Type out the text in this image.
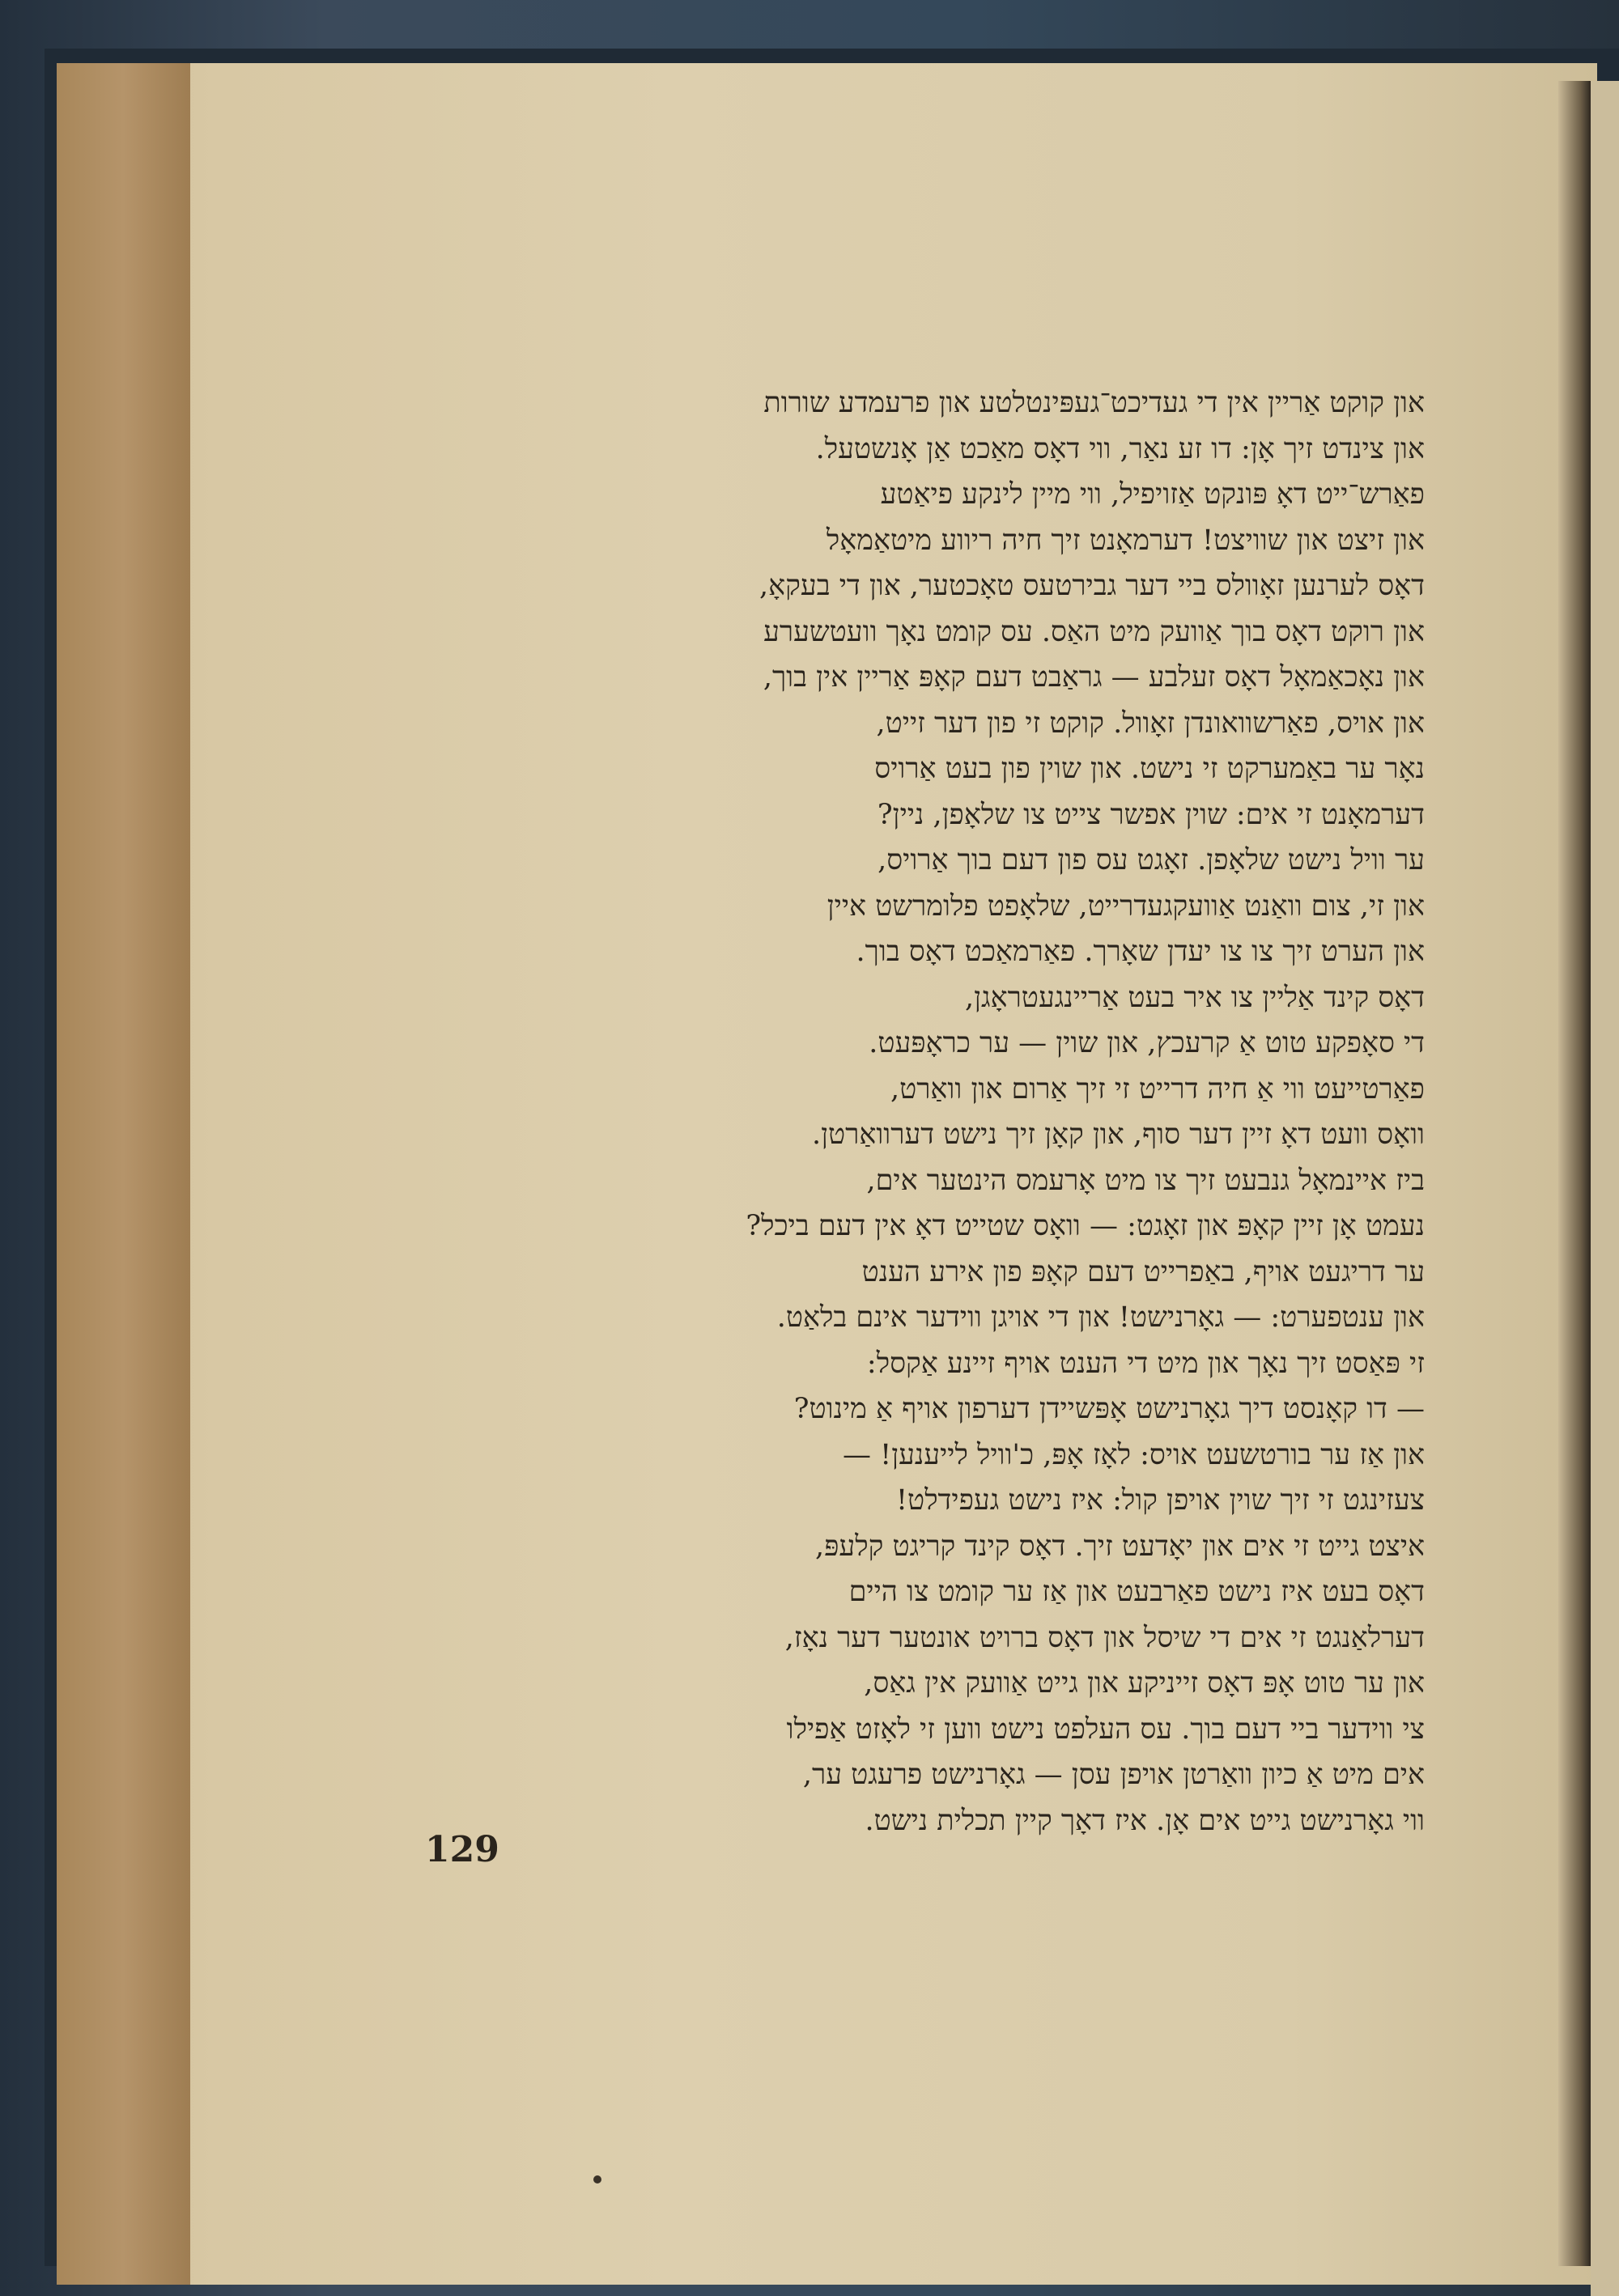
און קוקט אַריין אין די געדיכט־געפּינטלטע און פרעמדע שורות
און צינדט זיך אָן: דו זע נאַר, ווי דאָס מאַכט אַן אָנשטעל.
פאַרש־ייט דאָ פּונקט אַזויפיל, ווי מיין לינקע פיאַטע
און זיצט און שוויצט! דערמאָנט זיך חיה ריווע מיטאַמאָל
דאָס לערנען זאָוולס ביי דער גבירטעס טאָכטער, און די בעקאָ,
און רוקט דאָס בוך אַוועק מיט האַס. עס קומט נאָך וועטשערע
און נאָכאַמאָל דאָס זעלבע — גראַבט דעם קאָפּ אַריין אין בוך,
און אויס, פאַרשוואונדן זאָוול. קוקט זי פון דער זייט,
נאָר ער באַמערקט זי נישט. און שוין פון בעט אַרויס
דערמאָנט זי אים: שוין אפשר צייט צו שלאָפן, ניין?
ער וויל נישט שלאָפן. זאָגט עס פון דעם בוך אַרויס,
און זי, צום וואַנט אַוועקגעדרייט, שלאָפט פלומרשט איין
און הערט זיך צו צו יעדן שאָרך. פאַרמאַכט דאָס בוך.
דאָס קינד אַליין צו איר בעט אַריינגעטראָגן,
די סאָפקע טוט אַ קרעכץ, און שוין — ער כראָפּעט.
פאַרטייעט ווי אַ חיה דרייט זי זיך אַרום און וואַרט,
וואָס וועט דאָ זיין דער סוף, און קאָן זיך נישט דערוואַרטן.
ביז איינמאָל גנבעט זיך צו מיט אָרעמס הינטער אים,
נעמט אָן זיין קאָפּ און זאָגט: — וואָס שטייט דאָ אין דעם ביכל?
ער דריגעט אויף, באַפרייט דעם קאָפּ פון אירע הענט
און ענטפערט: — גאָרנישט! און די אויגן ווידער אינם בלאַט.
זי פּאַסט זיך נאָך און מיט די הענט אויף זיינע אַקסל:
— דו קאָנסט דיך גאָרנישט אָפּשיידן דערפון אויף אַ מינוט?
און אַז ער בורטשעט אויס: לאָז אָפּ, כ'וויל לייענען! —
צעזינגט זי זיך שוין אויפן קול: איז נישט געפידלט!
איצט גייט זי אים און יאָדעט זיך. דאָס קינד קריגט קלעפּ,
דאָס בעט איז נישט פאַרבעט און אַז ער קומט צו היים
דערלאַנגט זי אים די שיסל און דאָס ברויט אונטער דער נאָז,
און ער טוט אָפּ דאָס זייניקע און גייט אַוועק אין גאַס,
צי ווידער ביי דעם בוך. עס העלפט נישט ווען זי לאָזט אַפילו
אים מיט אַ כיון וואַרטן אויפן עסן — גאָרנישט פרעגט ער,
ווי גאָרנישט גייט אים אָן. איז דאָך קיין תכלית נישט.
129
